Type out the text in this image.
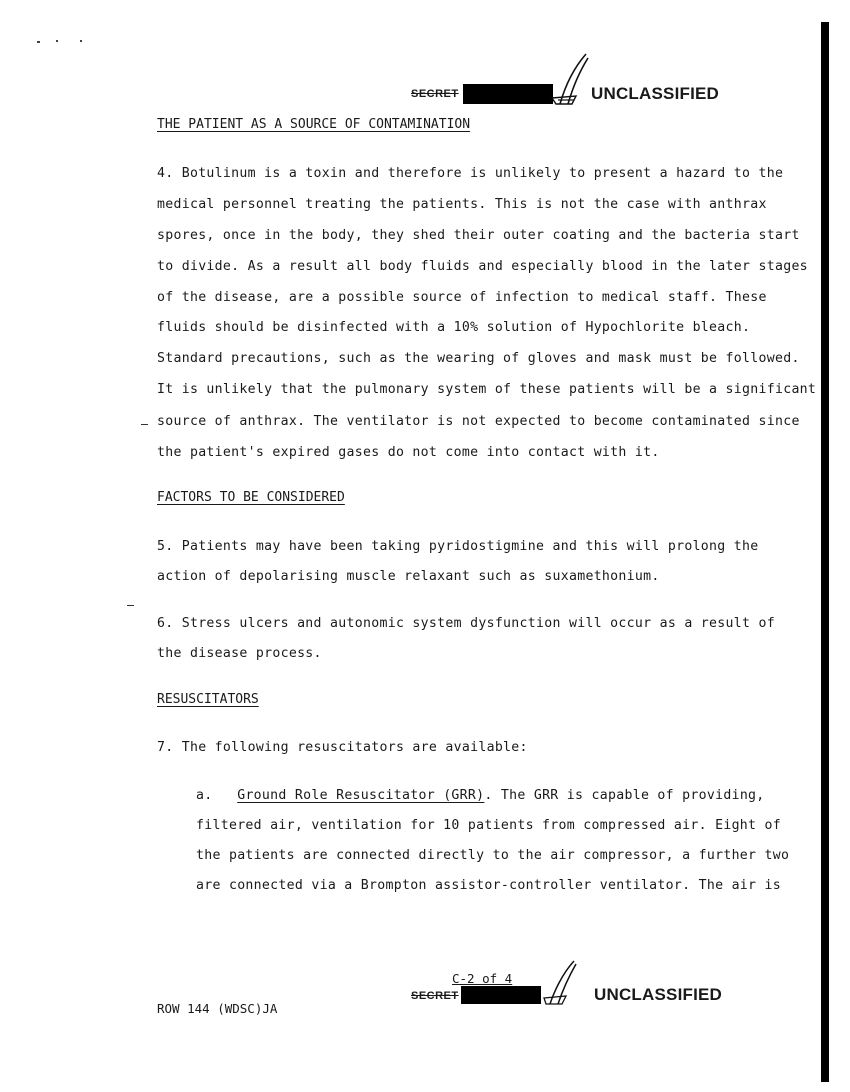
SECRET	UNCLASSIFIED
THE PATIENT AS A SOURCE OF CONTAMINATION
4. Botulinum is a toxin and therefore is unlikely to present a hazard to the
medical personnel treating the patients. This is not the case with anthrax
spores, once in the body, they shed their outer coating and the bacteria start
to divide. As a result all body fluids and especially blood in the later stages
of the disease, are a possible source of infection to medical staff. These
fluids should be disinfected with a 10% solution of Hypochlorite bleach.
Standard precautions, such as the wearing of gloves and mask must be followed.
It is unlikely that the pulmonary system of these patients will be a significant
source of anthrax. The ventilator is not expected to become contaminated since
the patient's expired gases do not come into contact with it.
FACTORS TO BE CONSIDERED
5. Patients may have been taking pyridostigmine and this will prolong the
action of depolarising muscle relaxant such as suxamethonium.
6. Stress ulcers and autonomic system dysfunction will occur as a result of
the disease process.
RESUSCITATORS
7. The following resuscitators are available:
a. Ground Role Resuscitator (GRR). The GRR is capable of providing,
filtered air, ventilation for 10 patients from compressed air. Eight of
the patients are connected directly to the air compressor, a further two
are connected via a Brompton assistor-controller ventilator. The air is
C-2 of 4
SECRET	UNCLASSIFIED
ROW 144 (WDSC)JA
